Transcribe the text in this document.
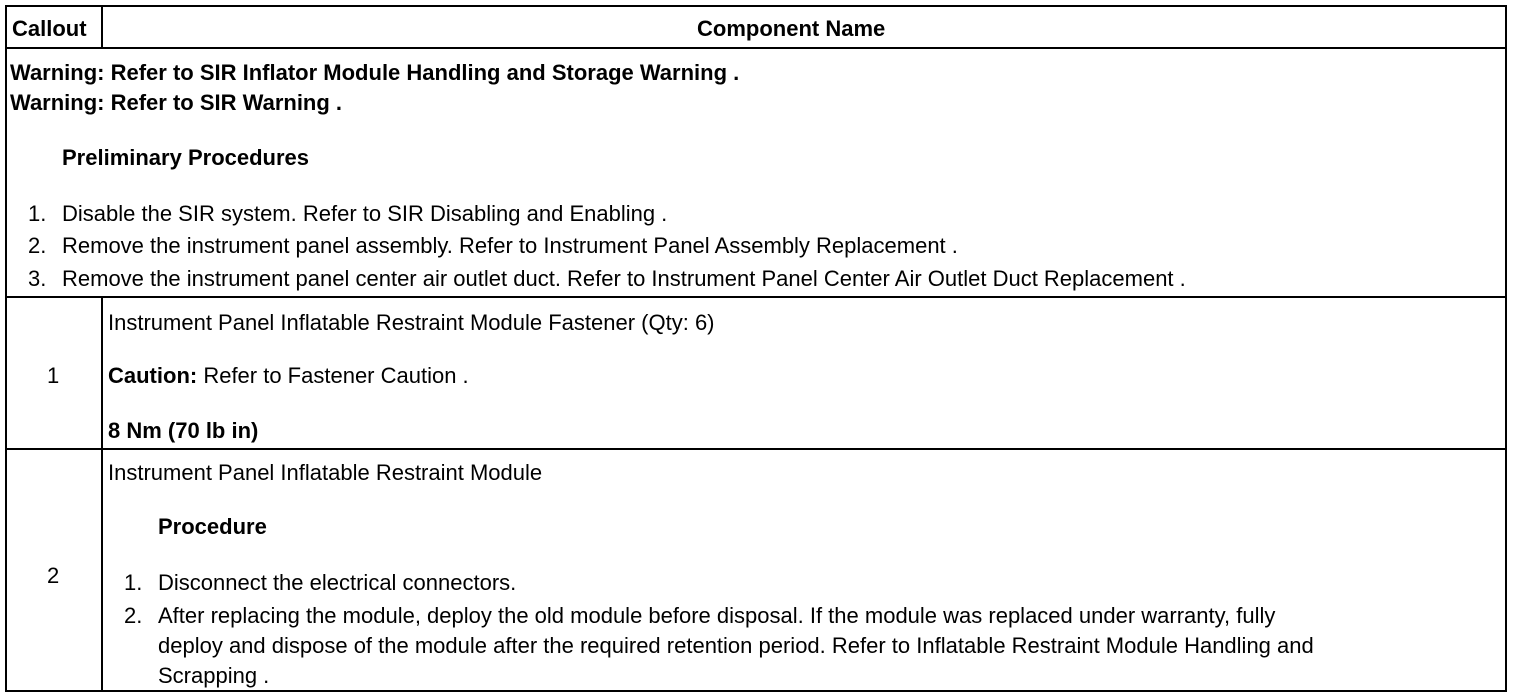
Callout	Component Name
Warning: Refer to SIR Inflator Module Handling and Storage Warning .
Warning: Refer to SIR Warning .
Preliminary Procedures
1. Disable the SIR system. Refer to SIR Disabling and Enabling .
2. Remove the instrument panel assembly. Refer to Instrument Panel Assembly Replacement .
3. Remove the instrument panel center air outlet duct. Refer to Instrument Panel Center Air Outlet Duct Replacement .
1
Instrument Panel Inflatable Restraint Module Fastener (Qty: 6)
Caution: Refer to Fastener Caution .
8 Nm (70 lb in)
2
Instrument Panel Inflatable Restraint Module
Procedure
1. Disconnect the electrical connectors.
2. After replacing the module, deploy the old module before disposal. If the module was replaced under warranty, fully
deploy and dispose of the module after the required retention period. Refer to Inflatable Restraint Module Handling and
Scrapping .
